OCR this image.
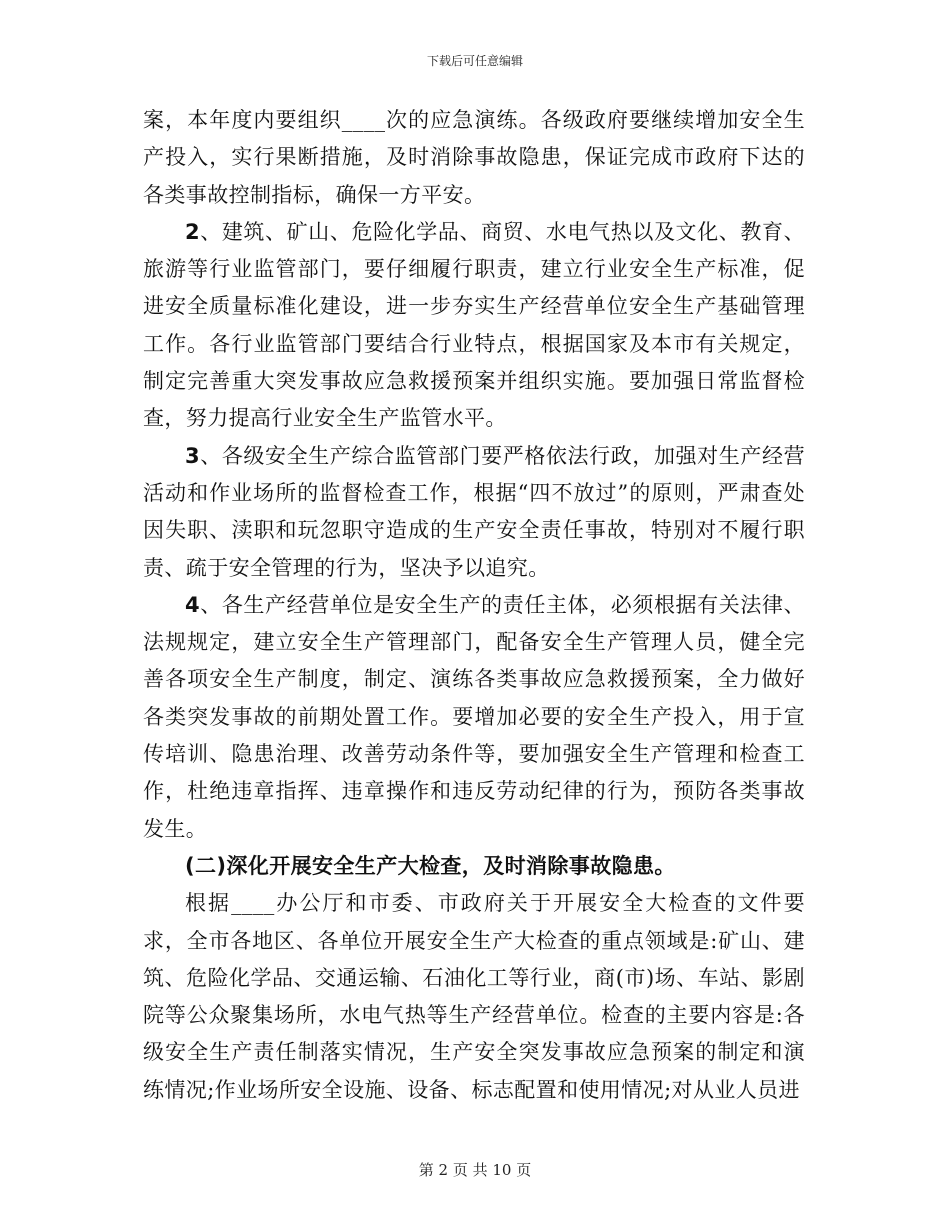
下载后可任意编辑

案，本年度内要组织____次的应急演练。各级政府要继续增加安全生产投入，实行果断措施，及时消除事故隐患，保证完成市政府下达的各类事故控制指标，确保一方平安。

2、建筑、矿山、危险化学品、商贸、水电气热以及文化、教育、旅游等行业监管部门，要仔细履行职责，建立行业安全生产标准，促进安全质量标准化建设，进一步夯实生产经营单位安全生产基础管理工作。各行业监管部门要结合行业特点，根据国家及本市有关规定，制定完善重大突发事故应急救援预案并组织实施。要加强日常监督检查，努力提高行业安全生产监管水平。

3、各级安全生产综合监管部门要严格依法行政，加强对生产经营活动和作业场所的监督检查工作，根据“四不放过”的原则，严肃查处因失职、渎职和玩忽职守造成的生产安全责任事故，特别对不履行职责、疏于安全管理的行为，坚决予以追究。

4、各生产经营单位是安全生产的责任主体，必须根据有关法律、法规规定，建立安全生产管理部门，配备安全生产管理人员，健全完善各项安全生产制度，制定、演练各类事故应急救援预案，全力做好各类突发事故的前期处置工作。要增加必要的安全生产投入，用于宣传培训、隐患治理、改善劳动条件等，要加强安全生产管理和检查工作，杜绝违章指挥、违章操作和违反劳动纪律的行为，预防各类事故发生。

(二)深化开展安全生产大检查，及时消除事故隐患。

根据____办公厅和市委、市政府关于开展安全大检查的文件要求，全市各地区、各单位开展安全生产大检查的重点领域是:矿山、建筑、危险化学品、交通运输、石油化工等行业，商(市)场、车站、影剧院等公众聚集场所，水电气热等生产经营单位。检查的主要内容是:各级安全生产责任制落实情况，生产安全突发事故应急预案的制定和演练情况;作业场所安全设施、设备、标志配置和使用情况;对从业人员进

第 2 页 共 10 页
